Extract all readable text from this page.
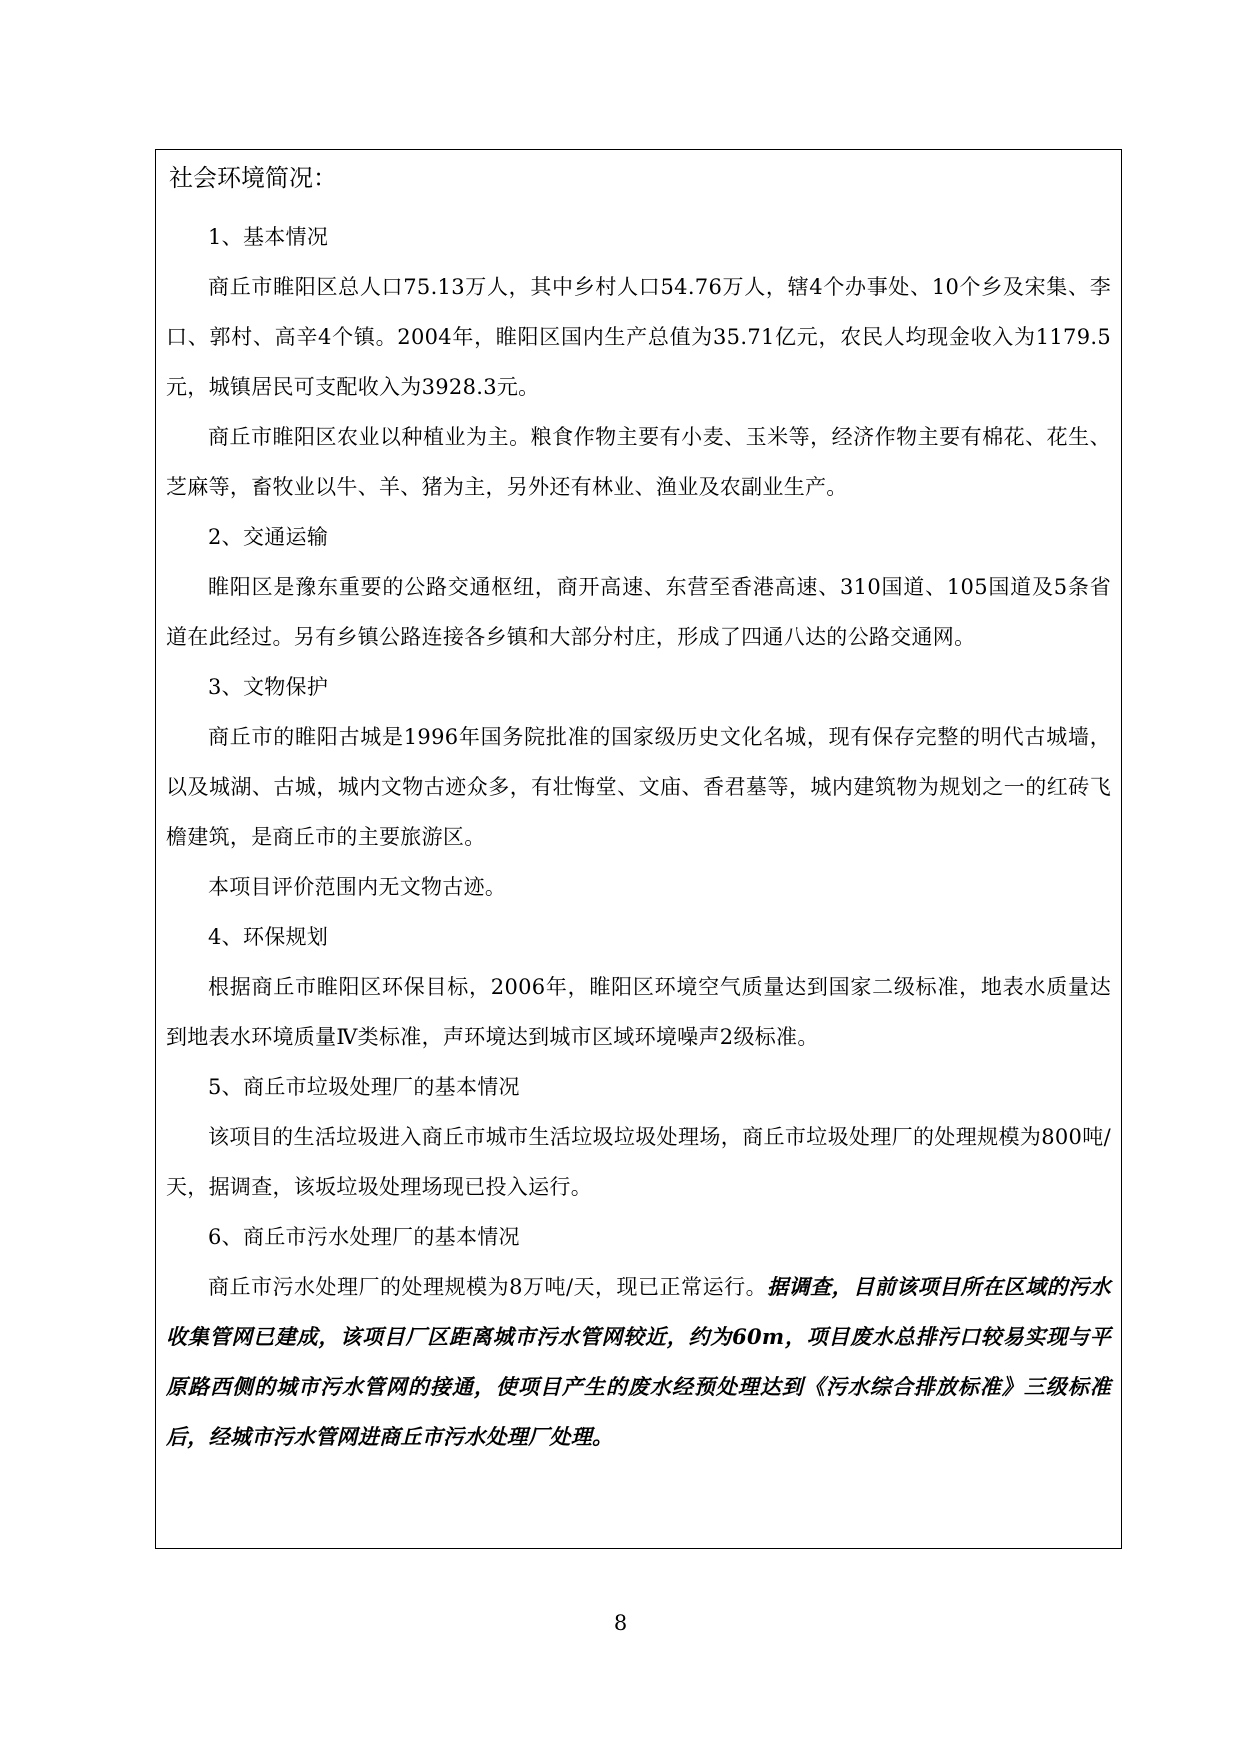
社会环境简况：
1、基本情况

商丘市睢阳区总人口75.13万人，其中乡村人口54.76万人，辖4个办事处、10个乡及宋集、李口、郭村、高辛4个镇。2004年，睢阳区国内生产总值为35.71亿元，农民人均现金收入为1179.5元，城镇居民可支配收入为3928.3元。

商丘市睢阳区农业以种植业为主。粮食作物主要有小麦、玉米等，经济作物主要有棉花、花生、芝麻等，畜牧业以牛、羊、猪为主，另外还有林业、渔业及农副业生产。

2、交通运输

睢阳区是豫东重要的公路交通枢纽，商开高速、东营至香港高速、310国道、105国道及5条省道在此经过。另有乡镇公路连接各乡镇和大部分村庄，形成了四通八达的公路交通网。

3、文物保护

商丘市的睢阳古城是1996年国务院批准的国家级历史文化名城，现有保存完整的明代古城墙，以及城湖、古城，城内文物古迹众多，有壮悔堂、文庙、香君墓等，城内建筑物为规划之一的红砖飞檐建筑，是商丘市的主要旅游区。

本项目评价范围内无文物古迹。

4、环保规划

根据商丘市睢阳区环保目标，2006年，睢阳区环境空气质量达到国家二级标准，地表水质量达到地表水环境质量Ⅳ类标准，声环境达到城市区域环境噪声2级标准。

5、商丘市垃圾处理厂的基本情况

该项目的生活垃圾进入商丘市城市生活垃圾垃圾处理场，商丘市垃圾处理厂的处理规模为800吨/天，据调查，该坂垃圾处理场现已投入运行。

6、商丘市污水处理厂的基本情况

商丘市污水处理厂的处理规模为8万吨/天，现已正常运行。据调查，目前该项目所在区域的污水收集管网已建成，该项目厂区距离城市污水管网较近，约为60m，项目废水总排污口较易实现与平原路西侧的城市污水管网的接通，使项目产生的废水经预处理达到《污水综合排放标准》三级标准后，经城市污水管网进商丘市污水处理厂处理。

8
